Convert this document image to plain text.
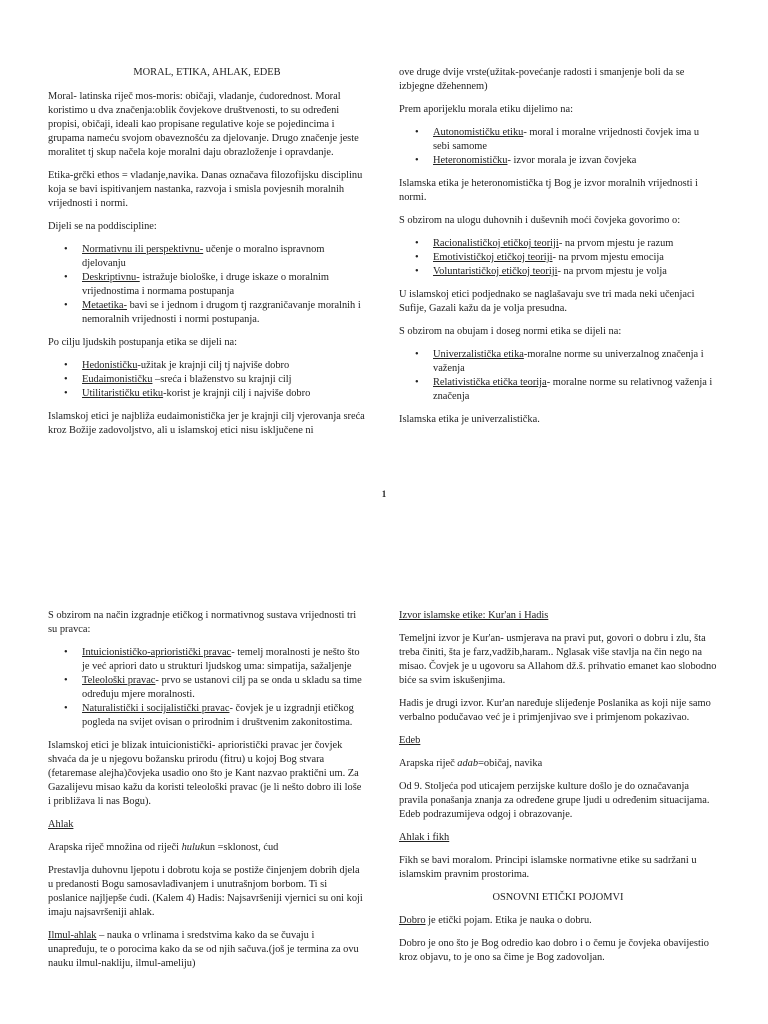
MORAL, ETIKA, AHLAK, EDEB

Moral- latinska riječ mos-moris: običaji, vladanje, ćudorednost. Moral koristimo u dva značenja:oblik čovjekove društvenosti, to su određeni propisi, običaji, ideali kao propisane regulative koje se pojedincima i grupama nameću svojom obaveznošću za djelovanje. Drugo značenje jeste moralitet tj skup načela koje moralni daju obrazloženje i opravdanje.

Etika-grčki ethos = vladanje,navika. Danas označava filozofijsku disciplinu koja se bavi ispitivanjem nastanka, razvoja i smisla povjesnih moralnih vrijednosti i normi.

Dijeli se na poddiscipline:

• Normativnu ili perspektivnu- učenje o moralno ispravnom djelovanju
• Deskriptivnu- istražuje biološke, i druge iskaze o moralnim vrijednostima i normama postupanja
• Metaetika- bavi se i jednom i drugom tj razgraničavanje moralnih i nemoralnih vrijednosti i normi postupanja.

Po cilju ljudskih postupanja etika se dijeli na:

• Hedonističku-užitak je krajnji cilj tj najviše dobro
• Eudaimonističku –sreća i blaženstvo su krajnji cilj
• Utilitarističku etiku-korist je krajnji cilj i najviše dobro

Islamskoj etici je najbliža eudaimonistička jer je krajnji cilj vjerovanja sreća kroz Božije zadovoljstvo, ali u islamskoj etici nisu isključene ni

ove druge dvije vrste(užitak-povećanje radosti i smanjenje boli da se izbjegne džehennem)

Prem aporijeklu morala etiku dijelimo na:

• Autonomističku etiku- moral i moralne vrijednosti čovjek ima u sebi samome
• Heteronomističku- izvor morala je izvan čovjeka

Islamska etika je heteronomistička tj Bog je izvor moralnih vrijednosti i normi.

S obzirom na ulogu duhovnih i duševnih moći čovjeka govorimo o:

• Racionalističkoj etičkoj teoriji- na prvom mjestu je razum
• Emotivističkoj etičkoj teoriji- na prvom mjestu emocija
• Voluntarističkoj etičkoj teoriji- na prvom mjestu je volja

U islamskoj etici podjednako se naglašavaju sve tri mada neki učenjaci Sufije, Gazali kažu da je volja presudna.

S obzirom na obujam i doseg normi etika se dijeli na:

• Univerzalistička etika-moralne norme su univerzalnog značenja i važenja
• Relativistička etička teorija- moralne norme su relativnog važenja i značenja

Islamska etika je univerzalistička.

1

S obzirom na način izgradnje etičkog i normativnog sustava vrijednosti tri su pravca:

• Intuicionističko-aprioristički pravac- temelj moralnosti je nešto što je već apriori dato u strukturi ljudskog uma: simpatija, sažaljenje
• Teleološki pravac- prvo se ustanovi cilj pa se onda u skladu sa time određuju mjere moralnosti.
• Naturalistički i socijalistički pravac- čovjek je u izgradnji etičkog pogleda na svijet ovisan o prirodnim i društvenim zakonitostima.

Islamskoj etici je blizak intuicionistički- aprioristički pravac jer čovjek shvaća da je u njegovu božansku prirodu (fitru) u kojoj Bog stvara (fetaremase alejha)čovjeka usadio ono što je Kant nazvao praktični um. Za Gazalijevu misao kažu da koristi teleološki pravac (je li nešto dobro ili loše i približava li nas Bogu).

Ahlak

Arapska riječ množina od riječi hulukun =sklonost, ćud

Prestavlja duhovnu ljepotu i dobrotu koja se postiže činjenjem dobrih djela u predanosti Bogu samosavlađivanjem i unutrašnjom borbom. Ti si poslanice najljepše ćudi. (Kalem 4) Hadis: Najsavršeniji vjernici su oni koji imaju najsavršeniji ahlak.

Ilmul-ahlak – nauka o vrlinama i sredstvima kako da se čuvaju i unapređuju, te o porocima kako da se od njih sačuva.(još je termina za ovu nauku ilmul-nakliju, ilmul-ameliju)

Izvor islamske etike: Kur'an i Hadis

Temeljni izvor je Kur'an- usmjerava na pravi put, govori o dobru i zlu, šta treba činiti, šta je farz,vadžib,haram.. Nglasak više stavlja na čin nego na misao. Čovjek je u ugovoru sa Allahom dž.š. prihvatio emanet kao slobodno biće sa svim iskušenjima.

Hadis je drugi izvor. Kur'an naređuje slijeđenje Poslanika as koji nije samo verbalno podučavao već je i primjenjivao sve i primjenom pokazivao.

Edeb

Arapska riječ adab=običaj, navika

Od 9. Stoljeća pod uticajem perzijske kulture došlo je do označavanja pravila ponašanja znanja za određene grupe ljudi u određenim situacijama. Edeb podrazumijeva odgoj i obrazovanje.

Ahlak i fikh

Fikh se bavi moralom. Principi islamske normativne etike su sadržani u islamskim pravnim prostorima.

OSNOVNI ETIČKI POJOMVI

Dobro je etički pojam. Etika je nauka o dobru.

Dobro je ono što je Bog odredio kao dobro i o čemu je čovjeka obavijestio kroz objavu, to je ono sa čime je Bog zadovoljan.
